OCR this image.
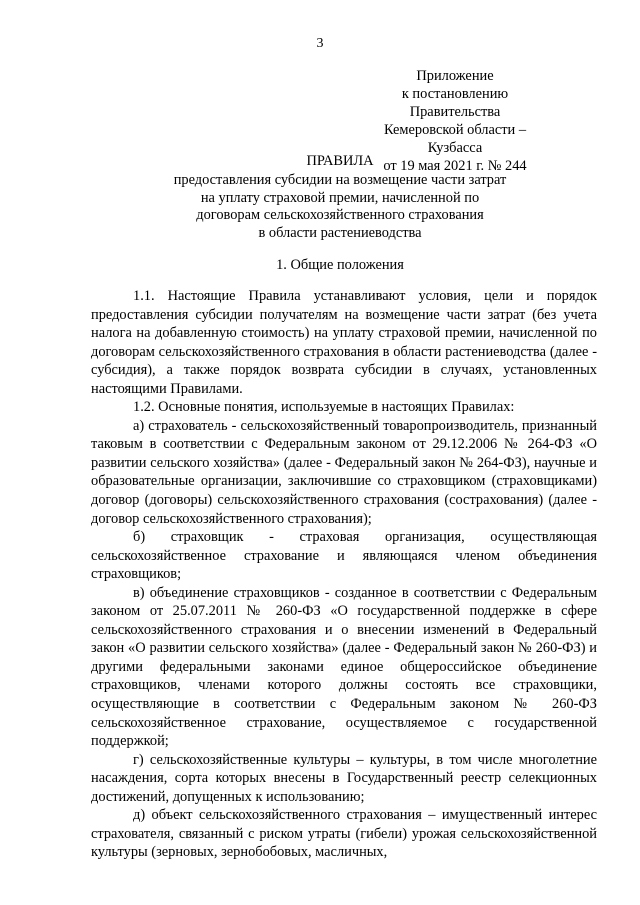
3
Приложение
к постановлению Правительства
Кемеровской области – Кузбасса
от 19 мая 2021 г. № 244
ПРАВИЛА
предоставления субсидии на возмещение части затрат
на уплату страховой премии, начисленной по
договорам сельскохозяйственного страхования
в области растениеводства
1. Общие положения

1.1. Настоящие Правила устанавливают условия, цели и порядок предоставления субсидии получателям на возмещение части затрат (без учета налога на добавленную стоимость) на уплату страховой премии, начисленной по договорам сельскохозяйственного страхования в области растениеводства (далее - субсидия), а также порядок возврата субсидии в случаях, установленных настоящими Правилами.

1.2. Основные понятия, используемые в настоящих Правилах:

а) страхователь - сельскохозяйственный товаропроизводитель, признанный таковым в соответствии с Федеральным законом от 29.12.2006 № 264-ФЗ «О развитии сельского хозяйства» (далее - Федеральный закон № 264-ФЗ), научные и образовательные организации, заключившие со страховщиком (страховщиками) договор (договоры) сельскохозяйственного страхования (сострахования) (далее - договор сельскохозяйственного страхования);

б) страховщик - страховая организация, осуществляющая сельскохозяйственное страхование и являющаяся членом объединения страховщиков;

в) объединение страховщиков - созданное в соответствии с Федеральным законом от 25.07.2011 № 260-ФЗ «О государственной поддержке в сфере сельскохозяйственного страхования и о внесении изменений в Федеральный закон «О развитии сельского хозяйства» (далее - Федеральный закон № 260-ФЗ) и другими федеральными законами единое общероссийское объединение страховщиков, членами которого должны состоять все страховщики, осуществляющие в соответствии с Федеральным законом № 260-ФЗ сельскохозяйственное страхование, осуществляемое с государственной поддержкой;

г) сельскохозяйственные культуры – культуры, в том числе многолетние насаждения, сорта которых внесены в Государственный реестр селекционных достижений, допущенных к использованию;

д) объект сельскохозяйственного страхования – имущественный интерес страхователя, связанный с риском утраты (гибели) урожая сельскохозяйственной культуры (зерновых, зернобобовых, масличных,
